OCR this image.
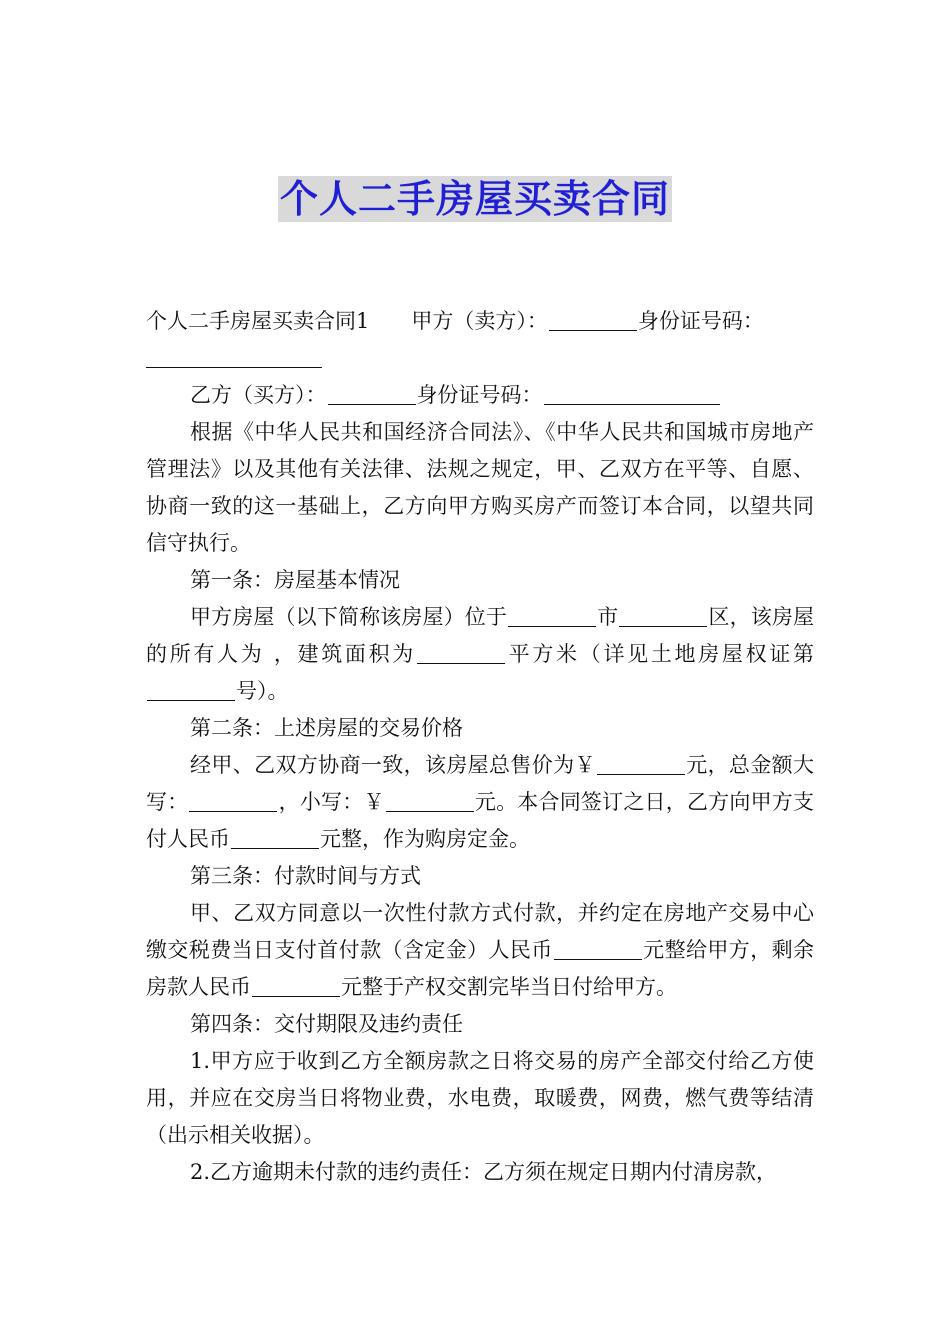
个人二手房屋买卖合同

个人二手房屋买卖合同1　　甲方（卖方）：	身份证号码：

乙方（买方）：	身份证号码：

根据《中华人民共和国经济合同法》、《中华人民共和国城市房地产管理法》以及其他有关法律、法规之规定，甲、乙双方在平等、自愿、协商一致的这一基础上，乙方向甲方购买房产而签订本合同，以望共同信守执行。

第一条：房屋基本情况

甲方房屋（以下简称该房屋）位于	市	区，该房屋的所有人为 ，建筑面积为	平方米（详见土地房屋权证第号）。

第二条：上述房屋的交易价格

经甲、乙双方协商一致，该房屋总售价为￥	元，总金额大写：	，小写：￥	元。本合同签订之日，乙方向甲方支付人民币	元整，作为购房定金。

第三条：付款时间与方式

甲、乙双方同意以一次性付款方式付款，并约定在房地产交易中心缴交税费当日支付首付款（含定金）人民币	元整给甲方，剩余房款人民币	元整于产权交割完毕当日付给甲方。

第四条：交付期限及违约责任

1.甲方应于收到乙方全额房款之日将交易的房产全部交付给乙方使用，并应在交房当日将物业费，水电费，取暖费，网费，燃气费等结清（出示相关收据）。

2.乙方逾期未付款的违约责任：乙方须在规定日期内付清房款，
